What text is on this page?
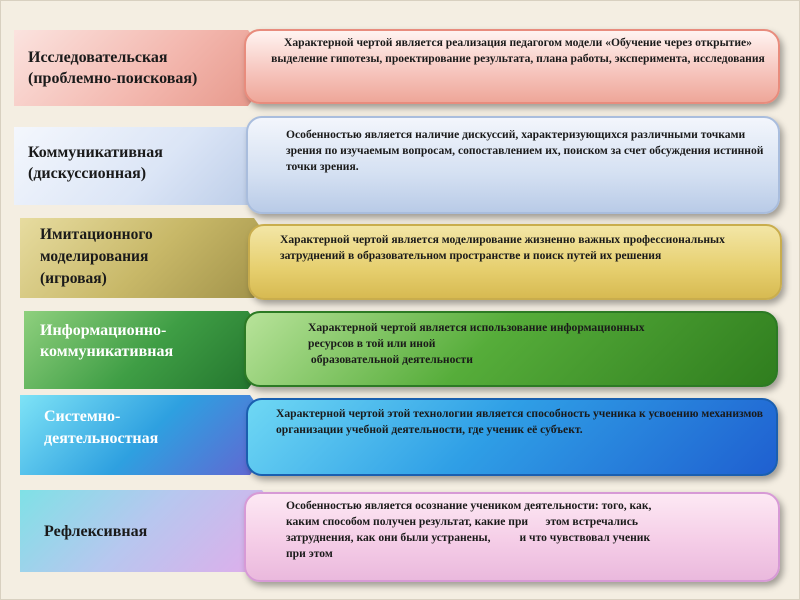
Исследовательская
(проблемно-поисковая)
Характерной чертой является реализация педагогом модели «Обучение через открытие» выделение гипотезы, проектирование результата, плана работы, эксперимента, исследования
Коммуникативная
(дискуссионная)
Особенностью является наличие дискуссий, характеризующихся различными точками зрения по изучаемым вопросам, сопоставлением их, поиском за счет обсуждения истинной точки зрения.
Имитационного
моделирования
(игровая)
Характерной чертой является моделирование жизненно важных профессиональных затруднений в образовательном пространстве и поиск путей их решения
Информационно-
коммуникативная
Характерной чертой является использование информационных
ресурсов в той или иной
образовательной деятельности
Системно-
деятельностная
Характерной чертой этой технологии является способность ученика к усвоению механизмов организации учебной деятельности, где ученик её субъект.
Рефлексивная
Особенностью является осознание учеником деятельности: того, как,
каким способом получен результат, какие при      этом встречались
затруднения, как они были устранены,          и что чувствовал ученик
при этом
